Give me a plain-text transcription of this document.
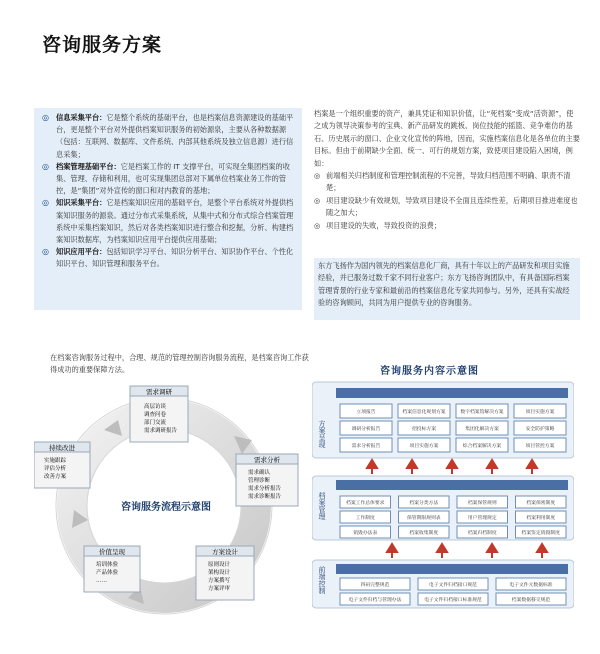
咨询服务方案
◎ 信息采集平台：它是整个系统的基础平台，也是档案信息资源建设的基础平台，更是整个平台对外提供档案知识服务的初始源泉，主要从各种数据源（包括：互联网、数据库、文件系统、内部其他系统及独立信息源）进行信息采集；
◎ 档案管理基础平台：它是档案工作的 IT 支撑平台，可实现全集团档案的收集、管理、存储和利用，也可实现集团总部对下属单位档案业务工作的管控，是“集团”对外宣传的窗口和对内教育的基地；
◎ 知识采集平台：它是档案知识应用的基础平台，是整个平台系统对外提供档案知识服务的源泉。通过分布式采集系统，从集中式和分布式综合档案管理系统中采集档案知识，然后对各类档案知识进行整合和挖掘，分析、构建档案知识数据库，为档案知识应用平台提供应用基础；
◎ 知识应用平台：包括知识学习平台、知识分析平台、知识协作平台、个性化知识平台、知识管理和服务平台。

档案是一个组织重要的资产，兼具凭证和知识价值，让“死档案”变成“活资源”，使之成为领导决策参考的宝典、新产品研发的跳板、岗位技能的摇篮、竞争难仿的基石、历史展示的窗口、企业文化宣传的阵地，因而，实施档案信息化是各单位的主要目标。但由于前期缺少全面、统一、可行的规划方案，致使项目建设陷入困境，例如：

◎ 前端相关归档制度和管理控制流程的不完善，导致归档范围不明确、职责不清楚；
◎ 项目建设缺少有效规划，导致项目建设不全面且连续性差，后期项目推进难度也随之加大；
◎ 项目建设的失败，导致投资的浪费；
东方飞扬作为国内领先的档案信息化厂商，具有十年以上的产品研发和项目实施经验，并已服务过数千家不同行业客户；东方飞扬咨询团队中，有具备国际档案管理背景的行业专家和最前沿的档案信息化专家共同参与。另外，还具有实战经验的咨询顾问，共同为用户提供专业的咨询服务。
在档案咨询服务过程中，合理、规范的管理控制咨询服务流程，是档案咨询工作获得成功的重要保障方法。
咨询服务流程示意图
需求调研
高层访谈
调查问卷
部门交流
需求调研报告
需求分析
需求确认
管理诊断
需求分析报告
需求诊断报告
方案设计
原则设计
架构设计
方案撰写
方案评审
价值呈现
培训体验
产品体验
……
持续改进
实施跟踪
评估分析
改善方案
咨询服务内容示意图
方案呈现
立项报告	档案信息化规划方案	数字档案馆解决方案	项目实施方案
调研分析报告	招投标方案	集团化解决方案	安全防护策略
需求分析报告	项目实施方案	综合档案解决方案	项目管控方案
档案管理	档案工作总体要求	档案分类方法	档案保管规则	档案保密制度
工作制度	保管期限规则表	用户管理规定	档案利用制度
销毁办法表	档案收集制度	档案归档制度	档案鉴定销毁制度
前端控制	四码完整规范	电子文件归档接口规范	电子文件元数据标准
电子文件归档与管理办法	电子文件归档接口标准规范	档案数据移交规范
